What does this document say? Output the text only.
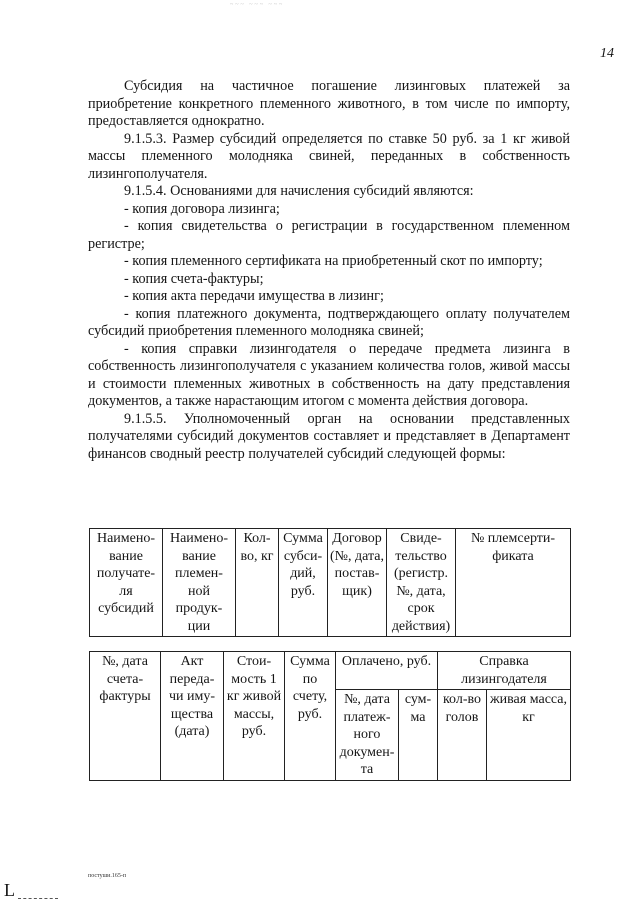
~~~ ~~~ ~~~
14

Субсидия на частичное погашение лизинговых платежей за приобретение конкретного племенного животного, в том числе по импорту, предоставляется однократно.

9.1.5.3. Размер субсидий определяется по ставке 50 руб. за 1 кг живой массы племенного молодняка свиней, переданных в собственность лизингополучателя.

9.1.5.4. Основаниями для начисления субсидий являются:

- копия договора лизинга;

- копия свидетельства о регистрации в государственном племенном регистре;

- копия племенного сертификата на приобретенный скот по импорту;

- копия счета-фактуры;

- копия акта передачи имущества в лизинг;

- копия платежного документа, подтверждающего оплату получателем субсидий приобретения племенного молодняка свиней;

- копия справки лизингодателя о передаче предмета лизинга в собственность лизингополучателя с указанием количества голов, живой массы и стоимости племенных животных в собственность на дату представления документов, а также нарастающим итогом с момента действия договора.

9.1.5.5. Уполномоченный орган на основании представленных получателями субсидий документов составляет и представляет в Департамент финансов сводный реестр получателей субсидий следующей формы:

Наимено-вание получате-ля субсидий	Наимено-вание племен-ной продук-ции	Кол-во, кг	Сумма субси-дий, руб.	Договор (№, дата, постав-щик)	Свиде-тельство (регистр. №, дата, срок действия)	№ племсерти-фиката
№, дата счета-фактуры	Акт переда-чи иму-щества (дата)	Стои-мость 1 кг живой массы, руб.	Сумма по счету, руб.	Оплачено, руб.		Справка лизингодателя	
				№, дата платеж-ного докумен-та	сум-ма	кол-во голов	живая масса, кг
постуши.165-п
L
